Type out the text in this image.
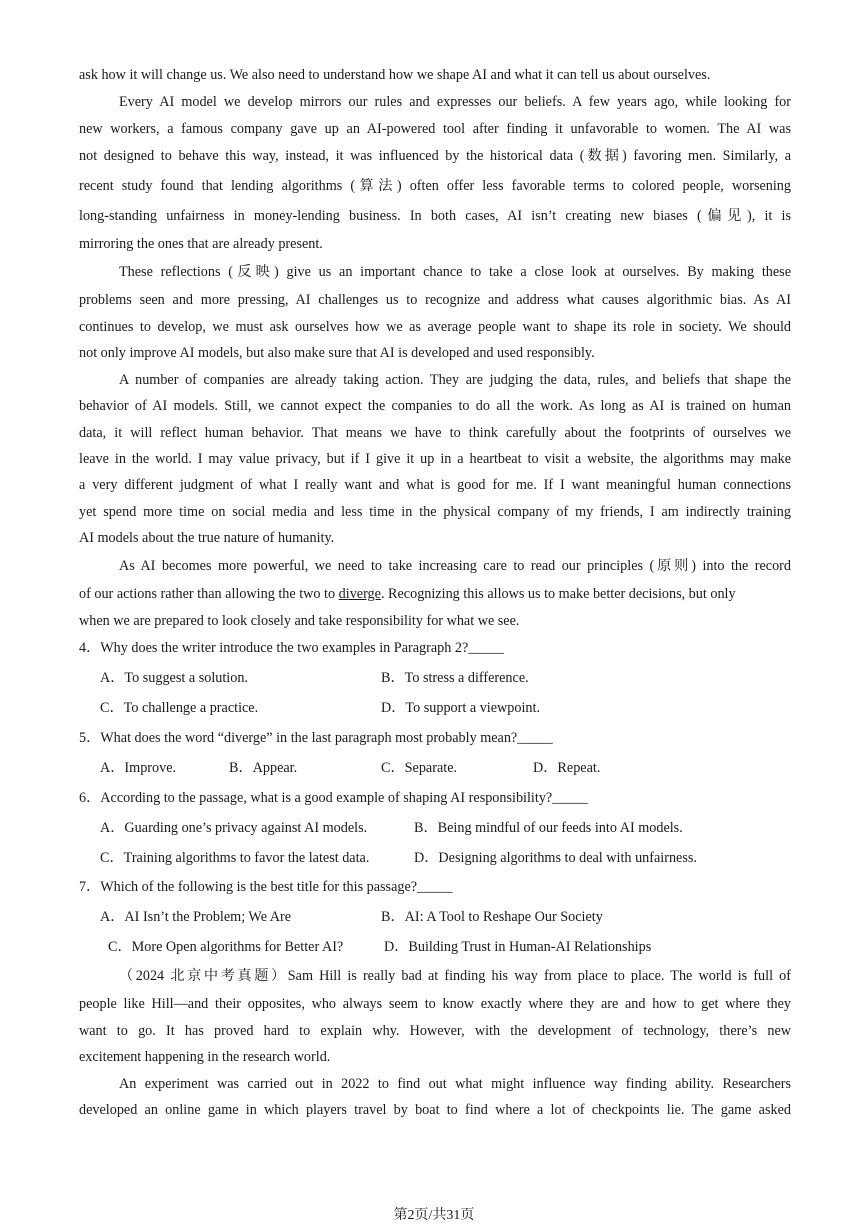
ask how it will change us. We also need to understand how we shape AI and what it can tell us about ourselves.
Every AI model we develop mirrors our rules and expresses our beliefs. A few years ago, while looking for
new workers, a famous company gave up an AI-powered tool after finding it unfavorable to women. The AI was
not designed to behave this way, instead, it was influenced by the historical data (数据) favoring men. Similarly, a
recent study found that lending algorithms (算法) often offer less favorable terms to colored people, worsening
long-standing unfairness in money-lending business. In both cases, AI isn’t creating new biases (偏见), it is
mirroring the ones that are already present.
These reflections (反映) give us an important chance to take a close look at ourselves. By making these
problems seen and more pressing, AI challenges us to recognize and address what causes algorithmic bias. As AI
continues to develop, we must ask ourselves how we as average people want to shape its role in society. We should
not only improve AI models, but also make sure that AI is developed and used responsibly.
A number of companies are already taking action. They are judging the data, rules, and beliefs that shape the
behavior of AI models. Still, we cannot expect the companies to do all the work. As long as AI is trained on human
data, it will reflect human behavior. That means we have to think carefully about the footprints of ourselves we
leave in the world. I may value privacy, but if I give it up in a heartbeat to visit a website, the algorithms may make
a very different judgment of what I really want and what is good for me. If I want meaningful human connections
yet spend more time on social media and less time in the physical company of my friends, I am indirectly training
AI models about the true nature of humanity.
As AI becomes more powerful, we need to take increasing care to read our principles (原则) into the record
of our actions rather than allowing the two to diverge . Recognizing this allows us to make better decisions, but only
when we are prepared to look closely and take responsibility for what we see.
4．Why does the writer introduce the two examples in Paragraph 2?_____
A．To suggest a solution.	B．To stress a difference.
C．To challenge a practice.	D．To support a viewpoint.
5．What does the word “diverge” in the last paragraph most probably mean?_____
A．Improve.	B．Appear.	C．Separate.	D．Repeat.
6．According to the passage, what is a good example of shaping AI responsibility?_____
A．Guarding one’s privacy against AI models.	B．Being mindful of our feeds into AI models.
C．Training algorithms to favor the latest data.	D．Designing algorithms to deal with unfairness.
7．Which of the following is the best title for this passage?_____
A．AI Isn’t the Problem; We Are	B．AI: A Tool to Reshape Our Society
C．More Open algorithms for Better AI?	D．Building Trust in Human-AI Relationships
（2024 北京中考真题）Sam Hill is really bad at finding his way from place to place. The world is full of
people like Hill—and their opposites, who always seem to know exactly where they are and how to get where they
want to go. It has proved hard to explain why. However, with the development of technology, there’s new
excitement happening in the research world.
An experiment was carried out in 2022 to find out what might influence way finding ability. Researchers
developed an online game in which players travel by boat to find where a lot of checkpoints lie. The game asked
第2页/共31页
